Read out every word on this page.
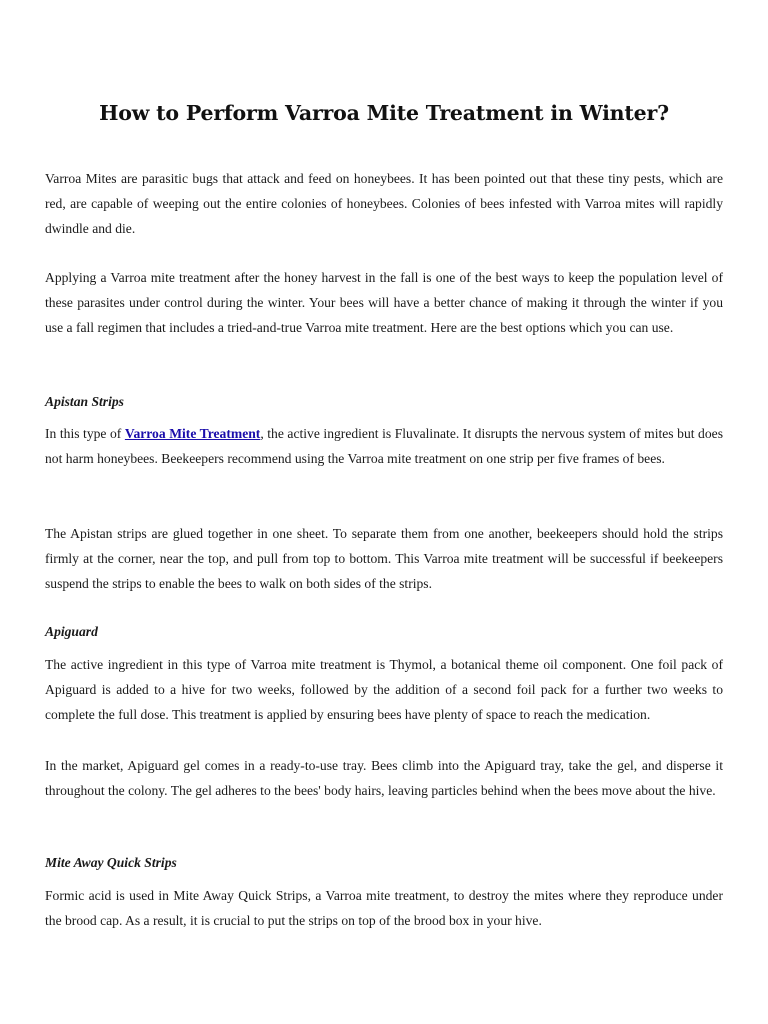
How to Perform Varroa Mite Treatment in Winter?

Varroa Mites are parasitic bugs that attack and feed on honeybees. It has been pointed out that these tiny pests, which are red, are capable of weeping out the entire colonies of honeybees. Colonies of bees infested with Varroa mites will rapidly dwindle and die.

Applying a Varroa mite treatment after the honey harvest in the fall is one of the best ways to keep the population level of these parasites under control during the winter. Your bees will have a better chance of making it through the winter if you use a fall regimen that includes a tried-and-true Varroa mite treatment. Here are the best options which you can use.

Apistan Strips

In this type of Varroa Mite Treatment, the active ingredient is Fluvalinate. It disrupts the nervous system of mites but does not harm honeybees. Beekeepers recommend using the Varroa mite treatment on one strip per five frames of bees.

The Apistan strips are glued together in one sheet. To separate them from one another, beekeepers should hold the strips firmly at the corner, near the top, and pull from top to bottom. This Varroa mite treatment will be successful if beekeepers suspend the strips to enable the bees to walk on both sides of the strips.

Apiguard

The active ingredient in this type of Varroa mite treatment is Thymol, a botanical theme oil component. One foil pack of Apiguard is added to a hive for two weeks, followed by the addition of a second foil pack for a further two weeks to complete the full dose. This treatment is applied by ensuring bees have plenty of space to reach the medication.

In the market, Apiguard gel comes in a ready-to-use tray. Bees climb into the Apiguard tray, take the gel, and disperse it throughout the colony. The gel adheres to the bees' body hairs, leaving particles behind when the bees move about the hive.

Mite Away Quick Strips

Formic acid is used in Mite Away Quick Strips, a Varroa mite treatment, to destroy the mites where they reproduce under the brood cap. As a result, it is crucial to put the strips on top of the brood box in your hive.
